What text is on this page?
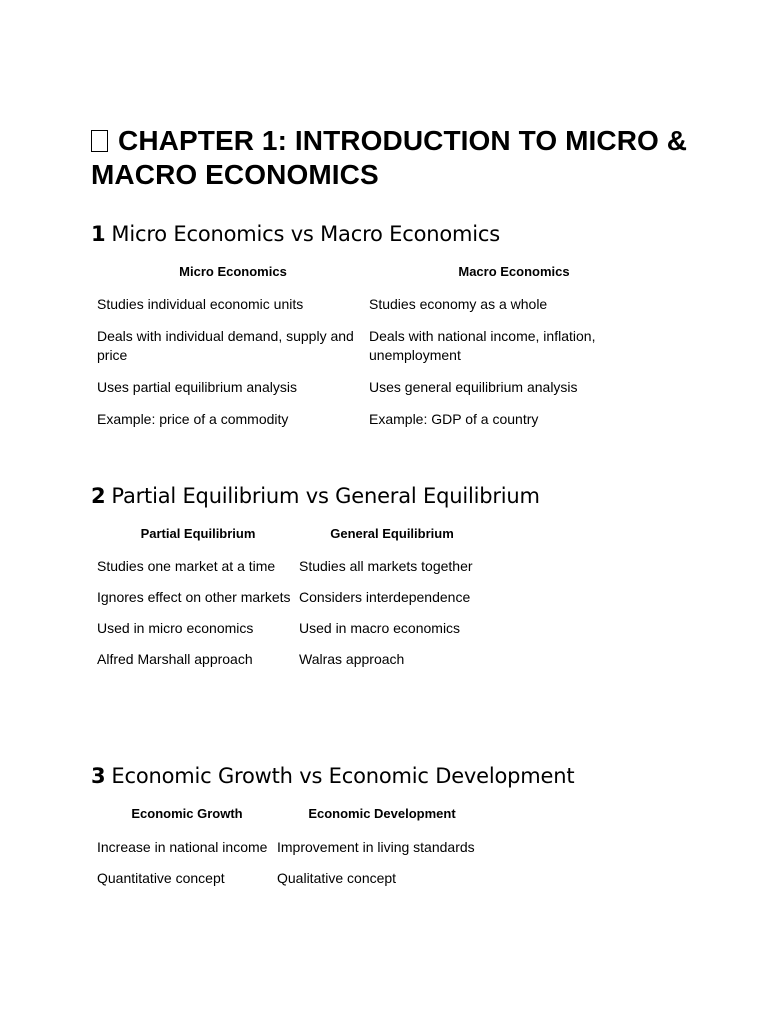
CHAPTER 1: INTRODUCTION TO MICRO & MACRO ECONOMICS
1 Micro Economics vs Macro Economics
Micro Economics	Macro Economics
Studies individual economic units	Studies economy as a whole
Deals with individual demand, supply and price	Deals with national income, inflation, unemployment
Uses partial equilibrium analysis	Uses general equilibrium analysis
Example: price of a commodity	Example: GDP of a country
2 Partial Equilibrium vs General Equilibrium
Partial Equilibrium	General Equilibrium
Studies one market at a time	Studies all markets together
Ignores effect on other markets	Considers interdependence
Used in micro economics	Used in macro economics
Alfred Marshall approach	Walras approach
3 Economic Growth vs Economic Development
Economic Growth	Economic Development
Increase in national income	Improvement in living standards
Quantitative concept	Qualitative concept
